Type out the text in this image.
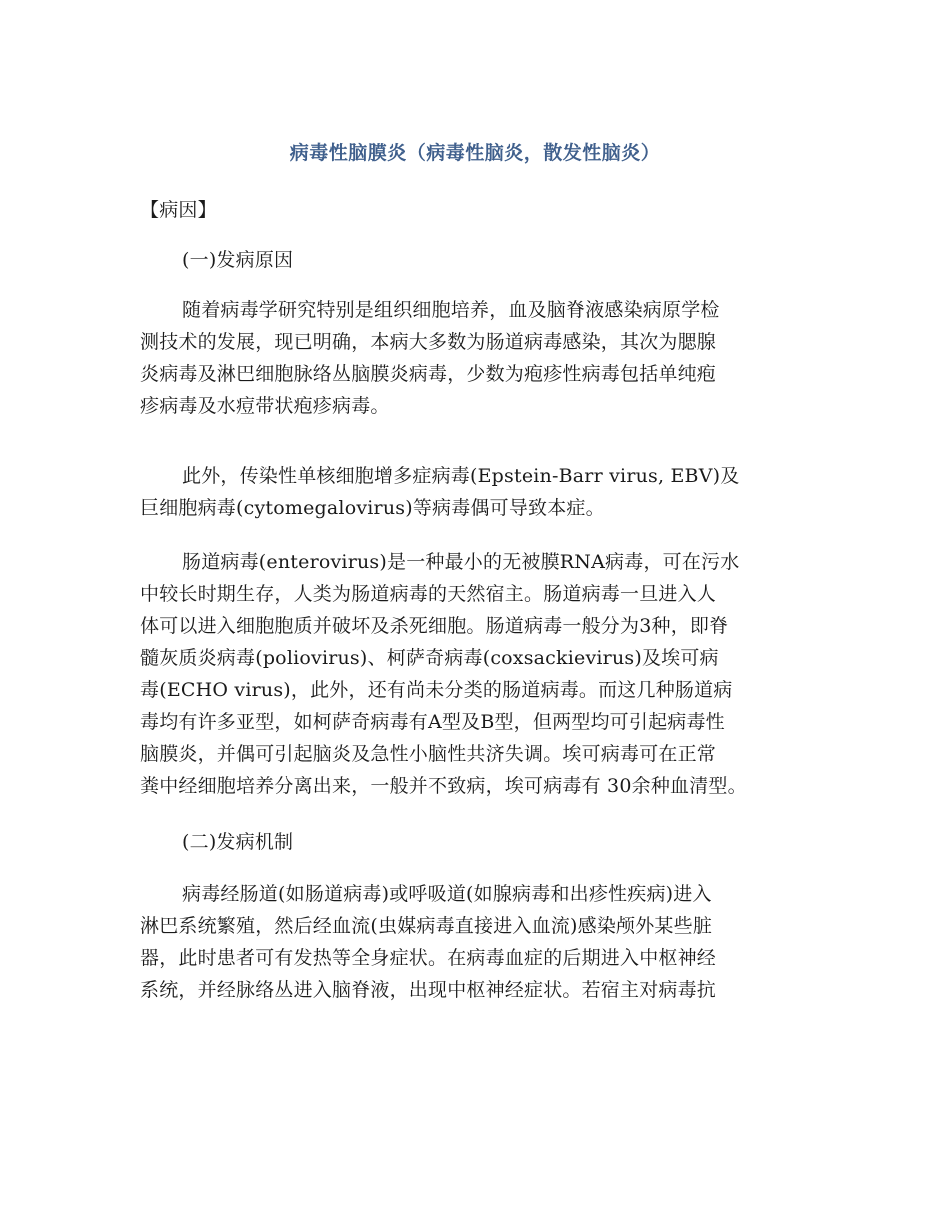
病毒性脑膜炎（病毒性脑炎，散发性脑炎）
【病因】
(一)发病原因
随着病毒学研究特别是组织细胞培养，血及脑脊液感染病原学检
测技术的发展，现已明确，本病大多数为肠道病毒感染，其次为腮腺
炎病毒及淋巴细胞脉络丛脑膜炎病毒，少数为疱疹性病毒包括单纯疱
疹病毒及水痘带状疱疹病毒。
此外，传染性单核细胞增多症病毒(Epstein-Barr virus, EBV)及
巨细胞病毒(cytomegalovirus)等病毒偶可导致本症。
肠道病毒(enterovirus)是一种最小的无被膜RNA病毒，可在污水
中较长时期生存，人类为肠道病毒的天然宿主。肠道病毒一旦进入人
体可以进入细胞胞质并破坏及杀死细胞。肠道病毒一般分为3种，即脊
髓灰质炎病毒(poliovirus)、柯萨奇病毒(coxsackievirus)及埃可病
毒(ECHO virus)，此外，还有尚未分类的肠道病毒。而这几种肠道病
毒均有许多亚型，如柯萨奇病毒有A型及B型，但两型均可引起病毒性
脑膜炎，并偶可引起脑炎及急性小脑性共济失调。埃可病毒可在正常
粪中经细胞培养分离出来，一般并不致病，埃可病毒有 30余种血清型。
(二)发病机制
病毒经肠道(如肠道病毒)或呼吸道(如腺病毒和出疹性疾病)进入
淋巴系统繁殖，然后经血流(虫媒病毒直接进入血流)感染颅外某些脏
器，此时患者可有发热等全身症状。在病毒血症的后期进入中枢神经
系统，并经脉络丛进入脑脊液，出现中枢神经症状。若宿主对病毒抗
